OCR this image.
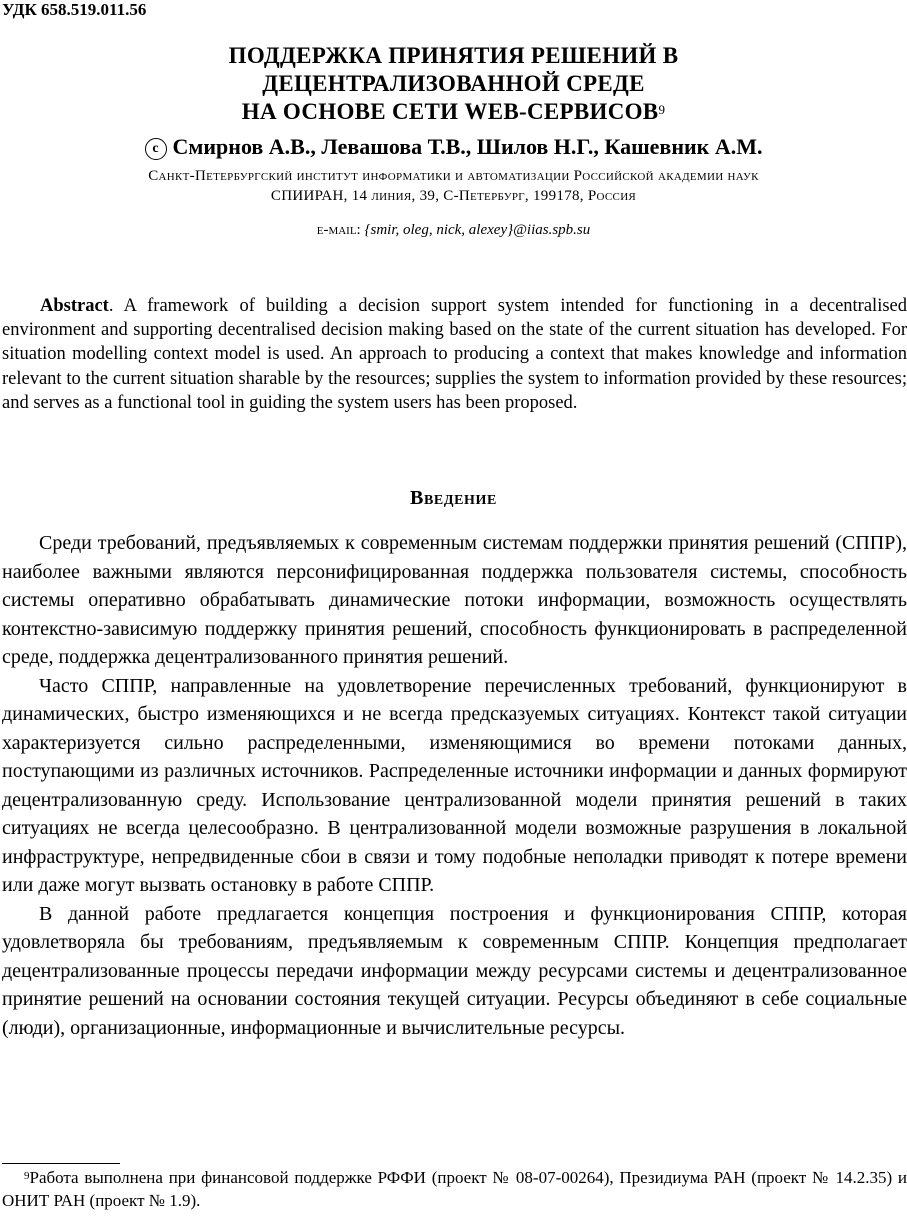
УДК 658.519.011.56
ПОДДЕРЖКА ПРИНЯТИЯ РЕШЕНИЙ В
ДЕЦЕНТРАЛИЗОВАННОЙ СРЕДЕ
НА ОСНОВЕ СЕТИ WEB-СЕРВИСОВ$^9$
c Смирнов А.В., Левашова Т.В., Шилов Н.Г., Кашевник А.М.
Санкт-Петербургский институт информатики и автоматизации Российской академии наук
СПИИРАН, 14 линия, 39, С-Петербург, 199178, Россия
e-mail: {smir, oleg, nick, alexey}@iias.spb.su
Abstract. A framework of building a decision support system intended for functioning in a decentralised environment and supporting decentralised decision making based on the state of the current situation has developed. For situation modelling context model is used. An approach to producing a context that makes knowledge and information relevant to the current situation sharable by the resources; supplies the system to information provided by these resources; and serves as a functional tool in guiding the system users has been proposed.
Введение

Среди требований, предъявляемых к современным системам поддержки принятия решений (СППР), наиболее важными являются персонифицированная поддержка пользователя системы, способность системы оперативно обрабатывать динамические потоки информации, возможность осуществлять контекстно-зависимую поддержку принятия решений, способность функционировать в распределенной среде, поддержка децентрализованного принятия решений.

Часто СППР, направленные на удовлетворение перечисленных требований, функционируют в динамических, быстро изменяющихся и не всегда предсказуемых ситуациях. Контекст такой ситуации характеризуется сильно распределенными, изменяющимися во времени потоками данных, поступающими из различных источников. Распределенные источники информации и данных формируют децентрализованную среду. Использование централизованной модели принятия решений в таких ситуациях не всегда целесообразно. В централизованной модели возможные разрушения в локальной инфраструктуре, непредвиденные сбои в связи и тому подобные неполадки приводят к потере времени или даже могут вызвать остановку в работе СППР.

В данной работе предлагается концепция построения и функционирования СППР, которая удовлетворяла бы требованиям, предъявляемым к современным СППР. Концепция предполагает децентрализованные процессы передачи информации между ресурсами системы и децентрализованное принятие решений на основании состояния текущей ситуации. Ресурсы объединяют в себе социальные (люди), организационные, информационные и вычислительные ресурсы.

$^9$Работа выполнена при финансовой поддержке РФФИ (проект № 08-07-00264), Президиума РАН (проект № 14.2.35) и ОНИТ РАН (проект № 1.9).
